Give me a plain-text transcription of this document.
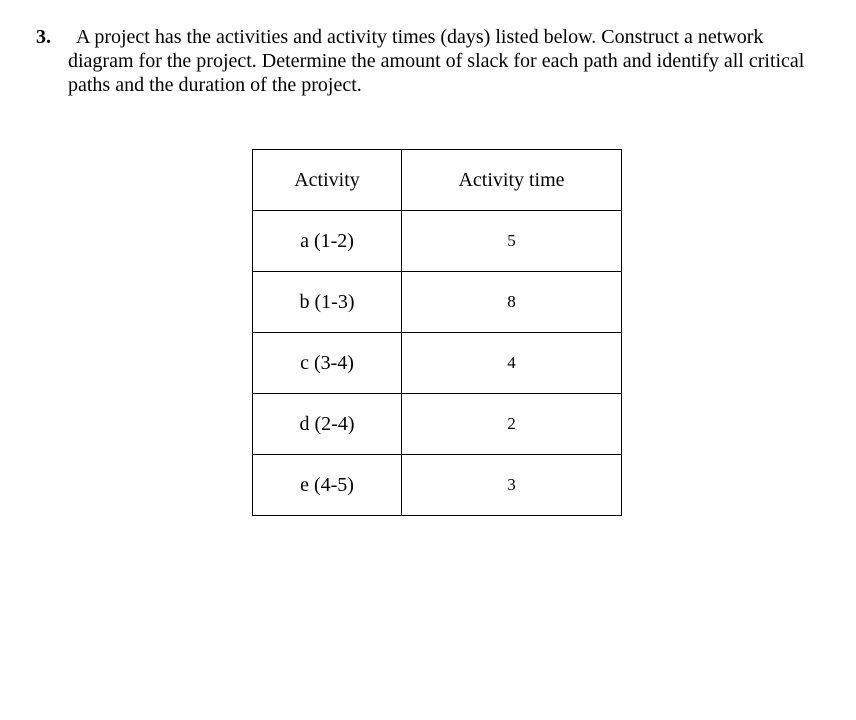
3. A project has the activities and activity times (days) listed below. Construct a network
diagram for the project. Determine the amount of slack for each path and identify all critical
paths and the duration of the project.
Activity	Activity time
a (1-2)	5
b (1-3)	8
c (3-4)	4
d (2-4)	2
e (4-5)	3
